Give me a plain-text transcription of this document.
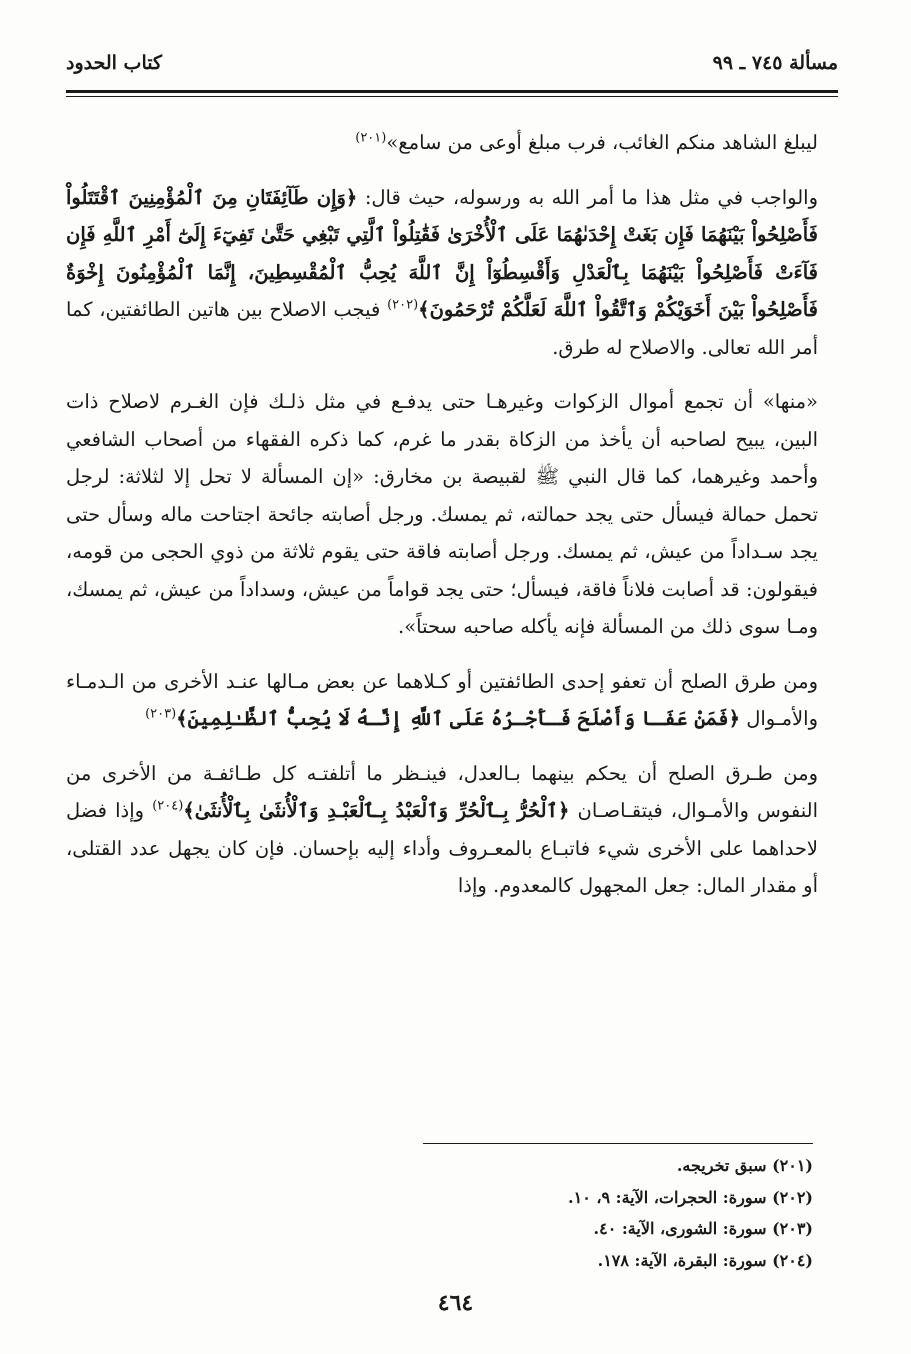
مسألة ٧٤٥ ـ ٩٩
كتاب الحدود

ليبلغ الشاهد منكم الغائب، فرب مبلغ أوعى من سامع»$^{(٢٠١)}$

والواجب في مثل هذا ما أمر الله به ورسوله، حيث قال: ﴿وَإِن طَآئِفَتَانِ مِنَ ٱلْمُؤْمِنِينَ ٱقْتَتَلُواْ فَأَصْلِحُواْ بَيْنَهُمَا فَإِن بَغَتْ إِحْدَىٰهُمَا عَلَى ٱلْأُخْرَىٰ فَقَٰتِلُواْ ٱلَّتِي تَبْغِي حَتَّىٰ تَفِيٓءَ إِلَىٰٓ أَمْرِ ٱللَّهِ فَإِن فَآءَتْ فَأَصْلِحُواْ بَيْنَهُمَا بِٱلْعَدْلِ وَأَقْسِطُوٓاْ إِنَّ ٱللَّهَ يُحِبُّ ٱلْمُقْسِطِينَ، إِنَّمَا ٱلْمُؤْمِنُونَ إِخْوَةٌ فَأَصْلِحُواْ بَيْنَ أَخَوَيْكُمْ وَٱتَّقُواْ ٱللَّهَ لَعَلَّكُمْ تُرْحَمُونَ﴾$^{(٢٠٢)}$ فيجب الاصلاح بين هاتين الطائفتين، كما أمر الله تعالى. والاصلاح له طرق.

«منها» أن تجمع أموال الزكوات وغيرهـا حتى يدفـع في مثل ذلـك فإن الغـرم لاصلاح ذات البين، يبيح لصاحبه أن يأخذ من الزكاة بقدر ما غرم، كما ذكره الفقهاء من أصحاب الشافعي وأحمد وغيرهما، كما قال النبي ﷺ لقبيصة بن مخارق: «إن المسألة لا تحل إلا لثلاثة: لرجل تحمل حمالة فيسأل حتى يجد حمالته، ثم يمسك. ورجل أصابته جائحة اجتاحت ماله وسأل حتى يجد سـداداً من عيش، ثم يمسك. ورجل أصابته فاقة حتى يقوم ثلاثة من ذوي الحجى من قومه، فيقولون: قد أصابت فلاناً فاقة، فيسأل؛ حتى يجد قواماً من عيش، وسداداً من عيش، ثم يمسك، ومـا سوى ذلك من المسألة فإنه يأكله صاحبه سحتاً».

ومن طرق الصلح أن تعفو إحدى الطائفتين أو كـلاهما عن بعض مـالها عنـد الأخرى من الـدمـاء والأمـوال ﴿فَمَنْ عَفَـا وَأَصْلَحَ فَـأَجْـرُهُ عَلَى ٱللَّهِ إِنَّـهُ لَا يُحِبُّ ٱلظَّـٰلِمِينَ﴾$^{(٢٠٣)}$

ومن طـرق الصلح أن يحكم بينهما بـالعدل، فينـظر ما أتلفتـه كل طـائفـة من الأخرى من النفوس والأمـوال، فيتقـاصـان ﴿ٱلْحُرُّ بِـٱلْحُرِّ وَٱلْعَبْدُ بِـٱلْعَبْـدِ وَٱلْأُنثَىٰ بِٱلْأُنثَىٰ﴾$^{(٢٠٤)}$ وإذا فضل لاحداهما على الأخرى شيء فاتبـاع بالمعـروف وأداء إليه بإحسان. فإن كان يجهل عدد القتلى، أو مقدار المال: جعل المجهول كالمعدوم. وإذا

(٢٠١) سبق تخريجه.
(٢٠٢) سورة: الحجرات، الآية: ٩، ١٠.
(٢٠٣) سورة: الشورى، الآية: ٤٠.
(٢٠٤) سورة: البقرة، الآية: ١٧٨.
٤٦٤
